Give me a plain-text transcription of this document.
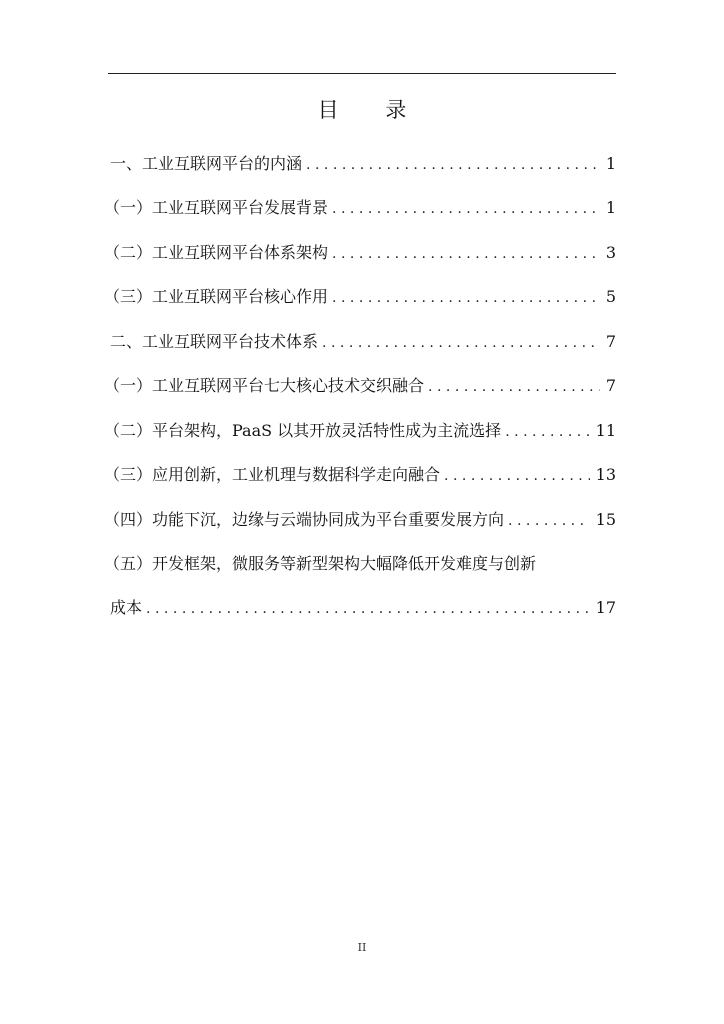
目 录
一、工业互联网平台的内涵 .....	1
（一）工业互联网平台发展背景 .....	1
（二）工业互联网平台体系架构 .....	3
（三）工业互联网平台核心作用 .....	5
二、工业互联网平台技术体系 .....	7
（一）工业互联网平台七大核心技术交织融合 .....	7
（二）平台架构，PaaS 以其开放灵活特性成为主流选择 .....	11
（三）应用创新，工业机理与数据科学走向融合 .....	13
（四）功能下沉，边缘与云端协同成为平台重要发展方向 .....	15
（五）开发框架，微服务等新型架构大幅降低开发难度与创新
成本 .....	17
II
